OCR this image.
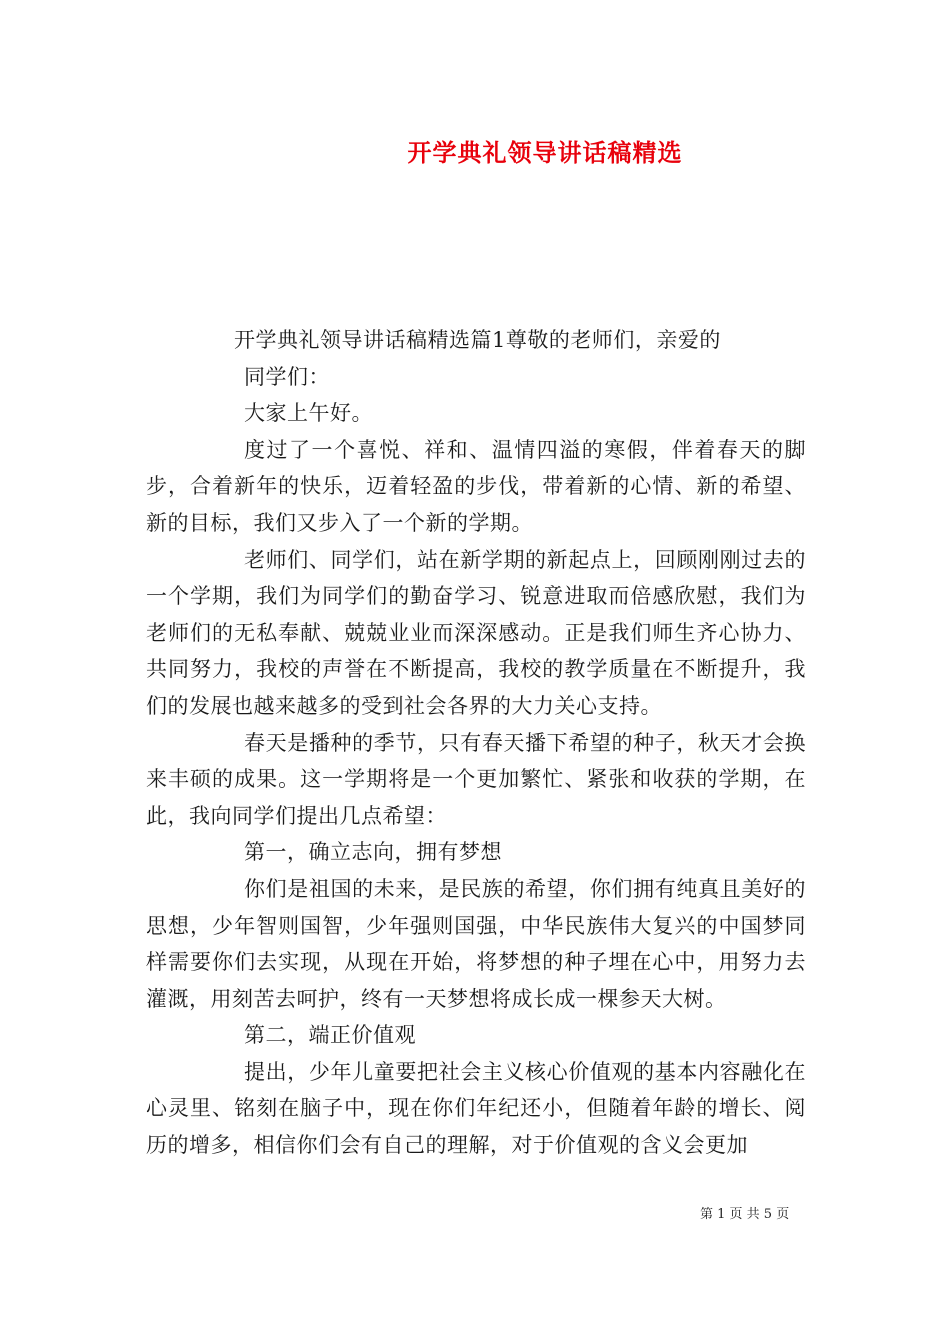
开学典礼领导讲话稿精选

开学典礼领导讲话稿精选篇1尊敬的老师们，亲爱的

同学们：

大家上午好。

度过了一个喜悦、祥和、温情四溢的寒假，伴着春天的脚步，合着新年的快乐，迈着轻盈的步伐，带着新的心情、新的希望、新的目标，我们又步入了一个新的学期。

老师们、同学们，站在新学期的新起点上，回顾刚刚过去的一个学期，我们为同学们的勤奋学习、锐意进取而倍感欣慰，我们为老师们的无私奉献、兢兢业业而深深感动。正是我们师生齐心协力、共同努力，我校的声誉在不断提高，我校的教学质量在不断提升，我们的发展也越来越多的受到社会各界的大力关心支持。

春天是播种的季节，只有春天播下希望的种子，秋天才会换来丰硕的成果。这一学期将是一个更加繁忙、紧张和收获的学期，在此，我向同学们提出几点希望：

第一，确立志向，拥有梦想

你们是祖国的未来，是民族的希望，你们拥有纯真且美好的思想，少年智则国智，少年强则国强，中华民族伟大复兴的中国梦同样需要你们去实现，从现在开始，将梦想的种子埋在心中，用努力去灌溉，用刻苦去呵护，终有一天梦想将成长成一棵参天大树。

第二，端正价值观

提出，少年儿童要把社会主义核心价值观的基本内容融化在心灵里、铭刻在脑子中，现在你们年纪还小，但随着年龄的增长、阅历的增多，相信你们会有自己的理解，对于价值观的含义会更加

第 1 页 共 5 页
